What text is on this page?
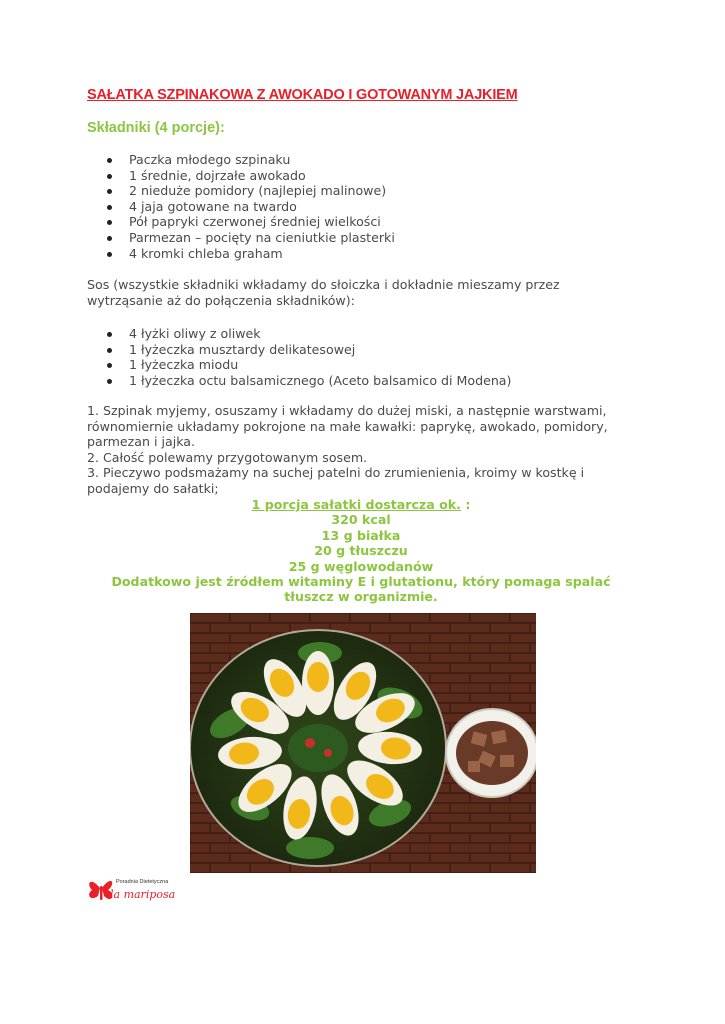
SAŁATKA SZPINAKOWA Z AWOKADO I GOTOWANYM JAJKIEM
Składniki (4 porcje):
Paczka młodego szpinaku
1 średnie, dojrzałe awokado
2 nieduże pomidory (najlepiej malinowe)
4 jaja gotowane na twardo
Pół papryki czerwonej średniej wielkości
Parmezan – pocięty na cieniutkie plasterki
4 kromki chleba graham
Sos (wszystkie składniki wkładamy do słoiczka i dokładnie mieszamy przez wytrząsanie aż do połączenia składników):
4 łyżki oliwy z oliwek
1 łyżeczka musztardy delikatesowej
1 łyżeczka miodu
1 łyżeczka octu balsamicznego (Aceto balsamico di Modena)
1. Szpinak myjemy, osuszamy i wkładamy do dużej miski, a następnie warstwami, równomiernie układamy pokrojone na małe kawałki: paprykę, awokado, pomidory, parmezan i jajka.
2. Całość polewamy przygotowanym sosem.
3. Pieczywo podsmażamy na suchej patelni do zrumienienia, kroimy w kostkę i podajemy do sałatki;
1 porcja sałatki dostarcza ok. :
320 kcal
13 g białka
20 g tłuszczu
25 g węglowodanów
Dodatkowo jest źródłem witaminy E i glutationu, który pomaga spalać tłuszcz w organizmie.
Poradnia Dietetyczna
la mariposa
